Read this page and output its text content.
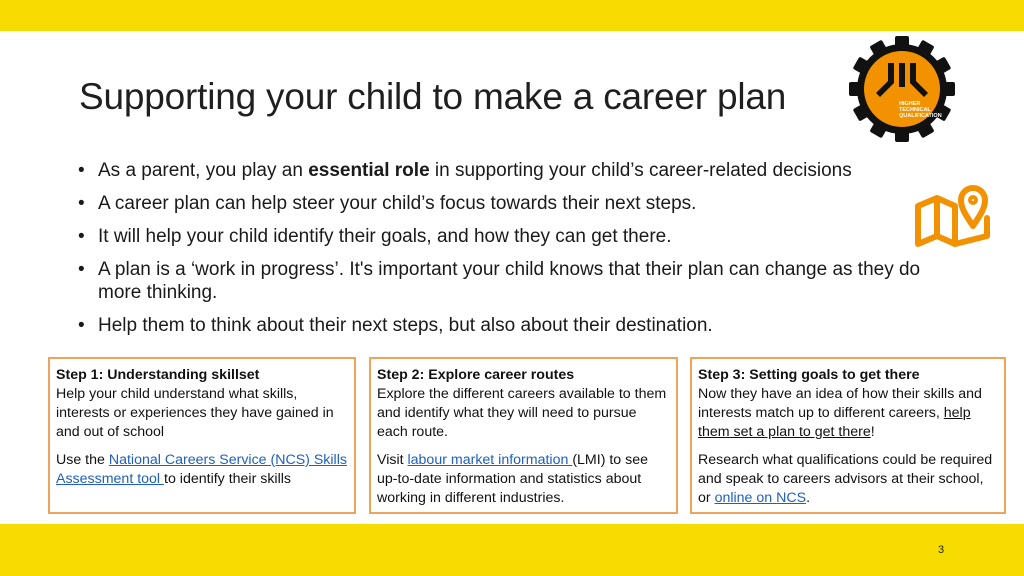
Supporting your child to make a career plan	HIGHER
TECHNICAL
QUALIFICATION
• As a parent, you play an essential role in supporting your child’s career-related decisions
• A career plan can help steer your child’s focus towards their next steps.
• It will help your child identify their goals, and how they can get there.
• A plan is a ‘work in progress’. It's important your child knows that their plan can change as they do more thinking.
• Help them to think about their next steps, but also about their destination.

Step 1: Understanding skillset

Help your child understand what skills, interests or experiences they have gained in and out of school

Use the National Careers Service (NCS) Skills Assessment tool to identify their skills

Step 2: Explore career routes

Explore the different careers available to them and identify what they will need to pursue each route.

Visit labour market information (LMI) to see up-to-date information and statistics about working in different industries.

Step 3: Setting goals to get there

Now they have an idea of how their skills and interests match up to different careers, help them set a plan to get there!

Research what qualifications could be required and speak to careers advisors at their school, or online on NCS.

3
